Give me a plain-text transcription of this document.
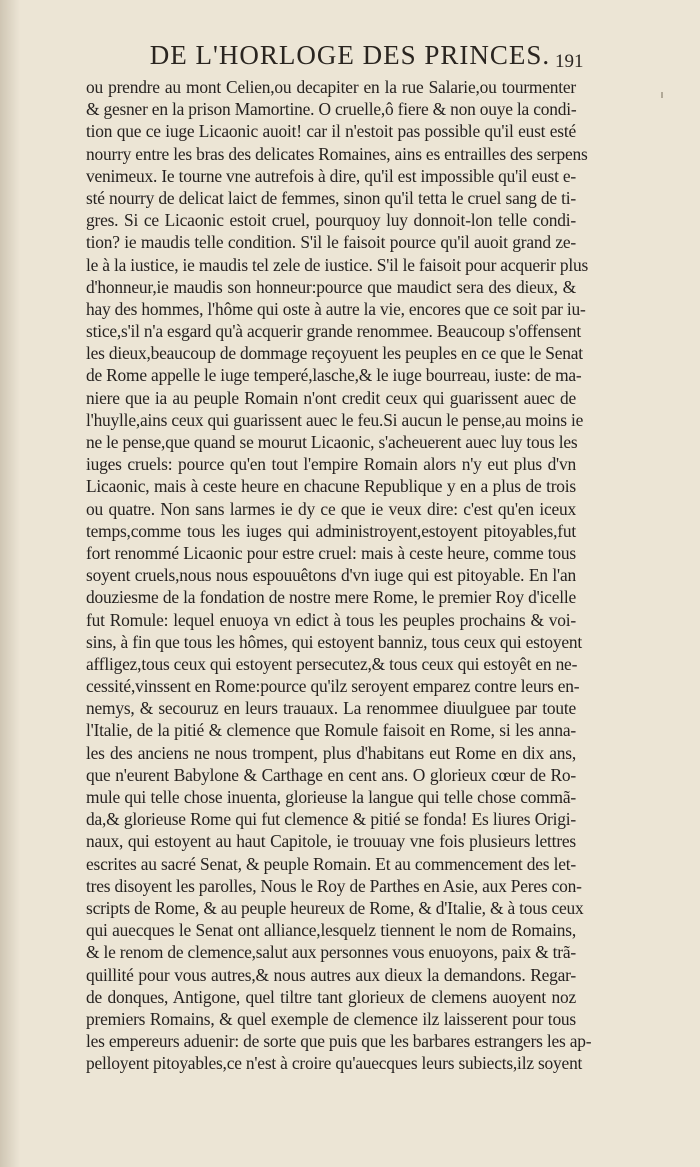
DE L'HORLOGE DES PRINCES. 191
ou prendre au mont Celien,ou decapiter en la rue Salarie,ou tourmenter
& gesner en la prison Mamortine. O cruelle,ô fiere & non ouye la condi-
tion que ce iuge Licaonic auoit! car il n'estoit pas possible qu'il eust esté
nourry entre les bras des delicates Romaines, ains es entrailles des serpens
venimeux. Ie tourne vne autrefois à dire, qu'il est impossible qu'il eust e-
sté nourry de delicat laict de femmes, sinon qu'il tetta le cruel sang de ti-
gres. Si ce Licaonic estoit cruel, pourquoy luy donnoit-lon telle condi-
tion? ie maudis telle condition. S'il le faisoit pource qu'il auoit grand ze-
le à la iustice, ie maudis tel zele de iustice. S'il le faisoit pour acquerir plus
d'honneur,ie maudis son honneur:pource que maudict sera des dieux, &
hay des hommes, l'hôme qui oste à autre la vie, encores que ce soit par iu-
stice,s'il n'a esgard qu'à acquerir grande renommee. Beaucoup s'offensent
les dieux,beaucoup de dommage reçoyuent les peuples en ce que le Senat
de Rome appelle le iuge temperé,lasche,& le iuge bourreau, iuste: de ma-
niere que ia au peuple Romain n'ont credit ceux qui guarissent auec de
l'huylle,ains ceux qui guarissent auec le feu.Si aucun le pense,au moins ie
ne le pense,que quand se mourut Licaonic, s'acheuerent auec luy tous les
iuges cruels: pource qu'en tout l'empire Romain alors n'y eut plus d'vn
Licaonic, mais à ceste heure en chacune Republique y en a plus de trois
ou quatre. Non sans larmes ie dy ce que ie veux dire: c'est qu'en iceux
temps,comme tous les iuges qui administroyent,estoyent pitoyables,fut
fort renommé Licaonic pour estre cruel: mais à ceste heure, comme tous
soyent cruels,nous nous espouuêtons d'vn iuge qui est pitoyable. En l'an
douziesme de la fondation de nostre mere Rome, le premier Roy d'icelle
fut Romule: lequel enuoya vn edict à tous les peuples prochains & voi-
sins, à fin que tous les hômes, qui estoyent banniz, tous ceux qui estoyent
affligez,tous ceux qui estoyent persecutez,& tous ceux qui estoyêt en ne-
cessité,vinssent en Rome:pource qu'ilz seroyent emparez contre leurs en-
nemys, & secouruz en leurs trauaux. La renommee diuulguee par toute
l'Italie, de la pitié & clemence que Romule faisoit en Rome, si les anna-
les des anciens ne nous trompent, plus d'habitans eut Rome en dix ans,
que n'eurent Babylone & Carthage en cent ans. O glorieux cœur de Ro-
mule qui telle chose inuenta, glorieuse la langue qui telle chose commã-
da,& glorieuse Rome qui fut clemence & pitié se fonda! Es liures Origi-
naux, qui estoyent au haut Capitole, ie trouuay vne fois plusieurs lettres
escrites au sacré Senat, & peuple Romain. Et au commencement des let-
tres disoyent les parolles, Nous le Roy de Parthes en Asie, aux Peres con-
scripts de Rome, & au peuple heureux de Rome, & d'Italie, & à tous ceux
qui auecques le Senat ont alliance,lesquelz tiennent le nom de Romains,
& le renom de clemence,salut aux personnes vous enuoyons, paix & trã-
quillité pour vous autres,& nous autres aux dieux la demandons. Regar-
de donques, Antigone, quel tiltre tant glorieux de clemens auoyent noz
premiers Romains, & quel exemple de clemence ilz laisserent pour tous
les empereurs aduenir: de sorte que puis que les barbares estrangers les ap-
pelloyent pitoyables,ce n'est à croire qu'auecques leurs subiects,ilz soyent
